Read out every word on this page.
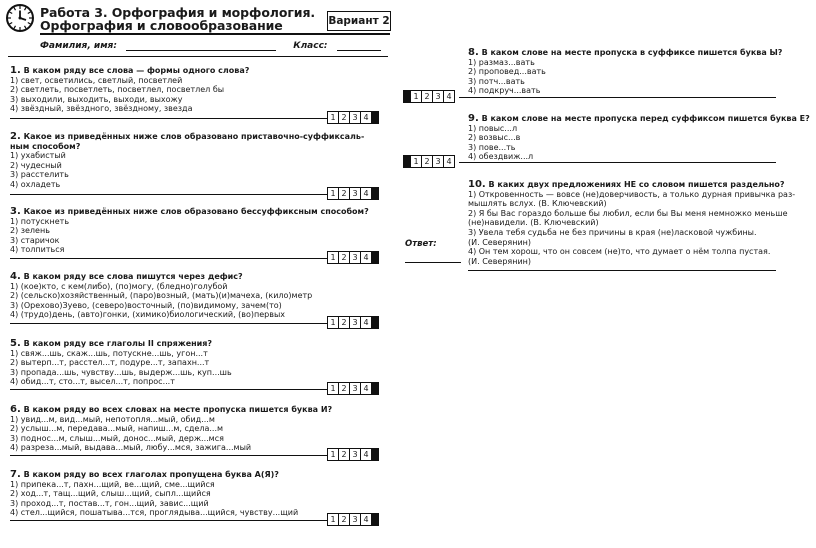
Работа 3. Орфография и морфология.
Орфография и словообразование	Вариант 2
Фамилия, имя:	Класс:
1. В каком ряду все слова — формы одного слова?
1) свет, осветились, светлый, посветлей
2) светлеть, посветлеть, посветлел, посветлел бы
3) выходили, выходить, выходи, выхожу
4) звёздный, звёздного, звёздному, звезда
1 2 3 4
2. Какое из приведённых ниже слов образовано приставочно-суффиксаль-
ным способом?
1) ухабистый
2) чудесный
3) расстелить
4) охладеть
1 2 3 4
3. Какое из приведённых ниже слов образовано бессуффиксным способом?
1) потускнеть
2) зелень
3) старичок
4) толпиться
1 2 3 4
4. В каком ряду все слова пишутся через дефис?
1) (кое)кто, с кем(либо), (по)могу, (бледно)голубой
2) (сельско)хозяйственный, (паро)возный, (мать)(и)мачеха, (кило)метр
3) (Орехово)Зуево, (северо)восточный, (по)видимому, зачем(то)
4) (трудо)день, (авто)гонки, (химико)биологический, (во)первых
1 2 3 4
5. В каком ряду все глаголы II спряжения?
1) свяж...шь, скаж...шь, потускне...шь, угон...т
2) вытерп...т, расстел...т, подуре...т, запахн...т
3) пропада...шь, чувству...шь, выдерж...шь, куп...шь
4) обид...т, сто...т, высел...т, попрос...т
1 2 3 4
6. В каком ряду во всех словах на месте пропуска пишется буква И?
1) увид...м, вид...мый, непотопля...мый, обид...м
2) услыш...м, передава...мый, напиш...м, сдела...м
3) поднос...м, слыш...мый, донос...мый, держ...мся
4) разреза...мый, выдава...мый, любу...мся, зажига...мый
1 2 3 4
7. В каком ряду во всех глаголах пропущена буква А(Я)?
1) припека...т, пахн...щий, ве...щий, сме...щийся
2) ход...т, тащ...щий, слыш...щий, сыпл...щийся
3) проход...т, постав...т, гон...щий, завис...щий
4) стел...щийся, пошатыва...тся, проглядыва...щийся, чувству...щий
1 2 3 4
8. В каком слове на месте пропуска в суффиксе пишется буква Ы?
1) размаз...вать
2) проповед...вать
3) потч...вать
4) подкруч...вать
1 2 3 4
9. В каком слове на месте пропуска перед суффиксом пишется буква Е?
1) повыс...л
2) возвыс...в
3) пове...ть
4) обездвиж...л
1 2 3 4
10. В каких двух предложениях НЕ со словом пишется раздельно?
1) Откровенность — вовсе (не)доверчивость, а только дурная привычка раз-
мышлять вслух. (В. Ключевский)
2) Я бы Вас гораздо больше бы любил, если бы Вы меня немножко меньше
(не)навидели. (В. Ключевский)
3) Увела тебя судьба не без причины в края (не)ласковой чужбины.
(И. Северянин)
4) Он тем хорош, что он совсем (не)то, что думает о нём толпа пустая.
(И. Северянин)
Ответ:
